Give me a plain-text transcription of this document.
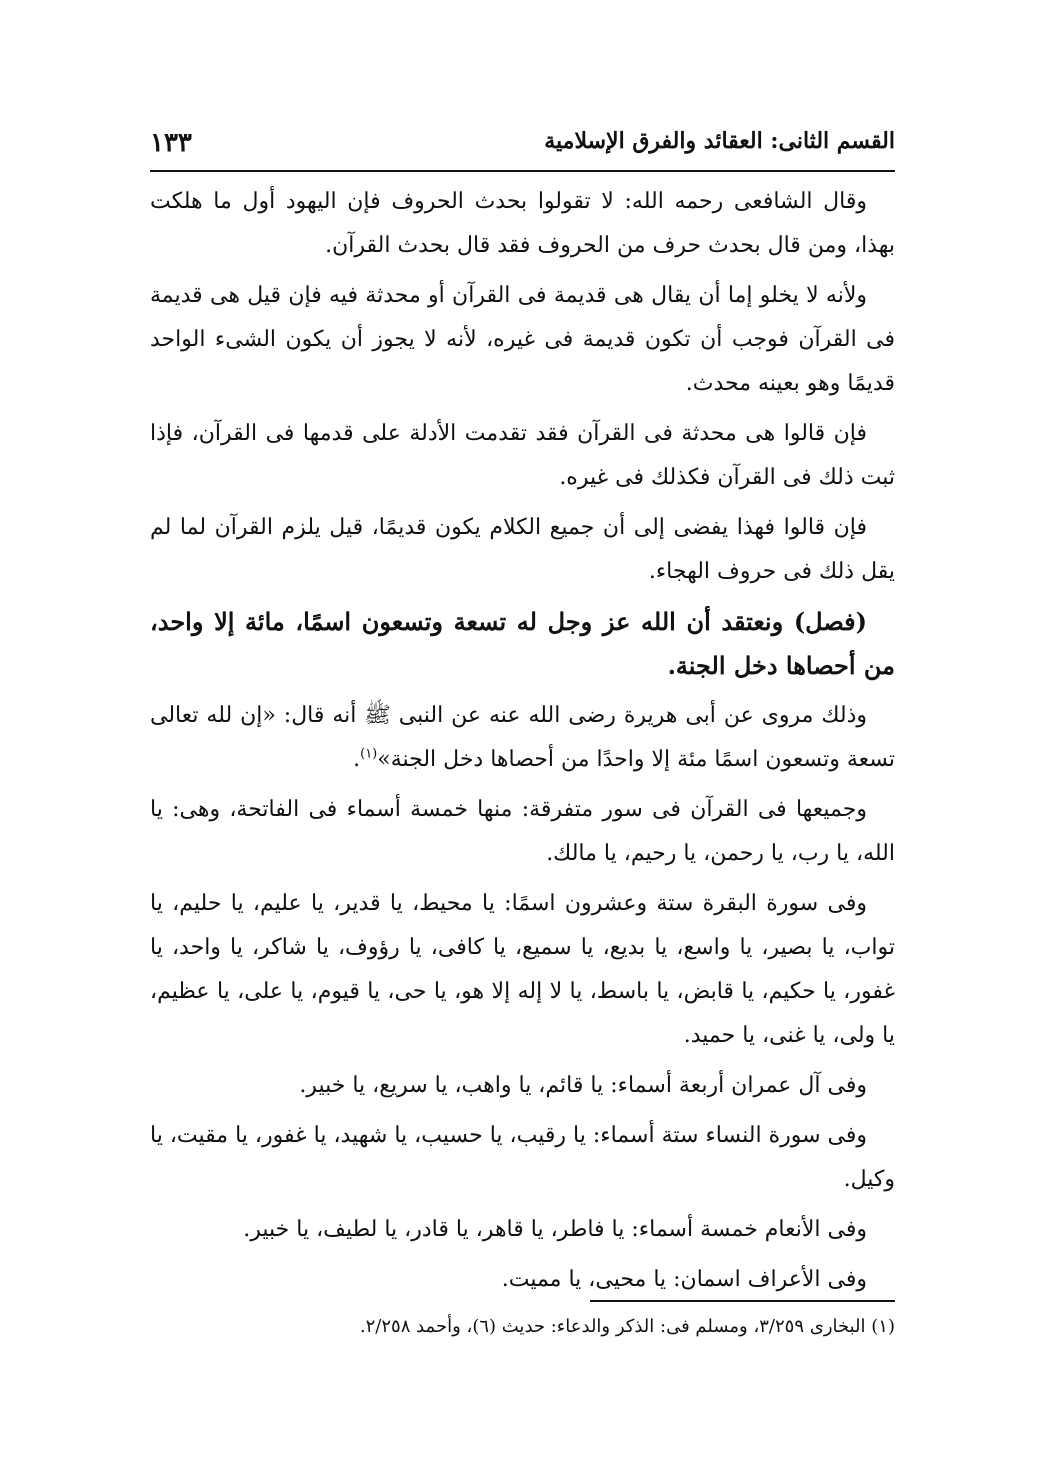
القسم الثانى: العقائد والفرق الإسلامية
١٣٣

وقال الشافعى رحمه الله: لا تقولوا بحدث الحروف فإن اليهود أول ما هلكت بهذا، ومن قال بحدث حرف من الحروف فقد قال بحدث القرآن.

ولأنه لا يخلو إما أن يقال هى قديمة فى القرآن أو محدثة فيه فإن قيل هى قديمة فى القرآن فوجب أن تكون قديمة فى غيره، لأنه لا يجوز أن يكون الشىء الواحد قديمًا وهو بعينه محدث.

فإن قالوا هى محدثة فى القرآن فقد تقدمت الأدلة على قدمها فى القرآن، فإذا ثبت ذلك فى القرآن فكذلك فى غيره.

فإن قالوا فهذا يفضى إلى أن جميع الكلام يكون قديمًا، قيل يلزم القرآن لما لم يقل ذلك فى حروف الهجاء.

(فصل) ونعتقد أن الله عز وجل له تسعة وتسعون اسمًا، مائة إلا واحد، من أحصاها دخل الجنة.

وذلك مروى عن أبى هريرة رضى الله عنه عن النبى ﷺ أنه قال: «إن لله تعالى تسعة وتسعون اسمًا مئة إلا واحدًا من أحصاها دخل الجنة»$^{(١)}$.

وجميعها فى القرآن فى سور متفرقة: منها خمسة أسماء فى الفاتحة، وهى: يا الله، يا رب، يا رحمن، يا رحيم، يا مالك.

وفى سورة البقرة ستة وعشرون اسمًا: يا محيط، يا قدير، يا عليم، يا حليم، يا تواب، يا بصير، يا واسع، يا بديع، يا سميع، يا كافى، يا رؤوف، يا شاكر، يا واحد، يا غفور، يا حكيم، يا قابض، يا باسط، يا لا إله إلا هو، يا حى، يا قيوم، يا على، يا عظيم، يا ولى، يا غنى، يا حميد.

وفى آل عمران أربعة أسماء: يا قائم، يا واهب، يا سريع، يا خبير.

وفى سورة النساء ستة أسماء: يا رقيب، يا حسيب، يا شهيد، يا غفور، يا مقيت، يا وكيل.

وفى الأنعام خمسة أسماء: يا فاطر، يا قاهر، يا قادر، يا لطيف، يا خبير.

وفى الأعراف اسمان: يا محيى، يا مميت.

(١) البخارى ٣/٢٥٩، ومسلم فى: الذكر والدعاء: حديث (٦)، وأحمد ٢/٢٥٨.
